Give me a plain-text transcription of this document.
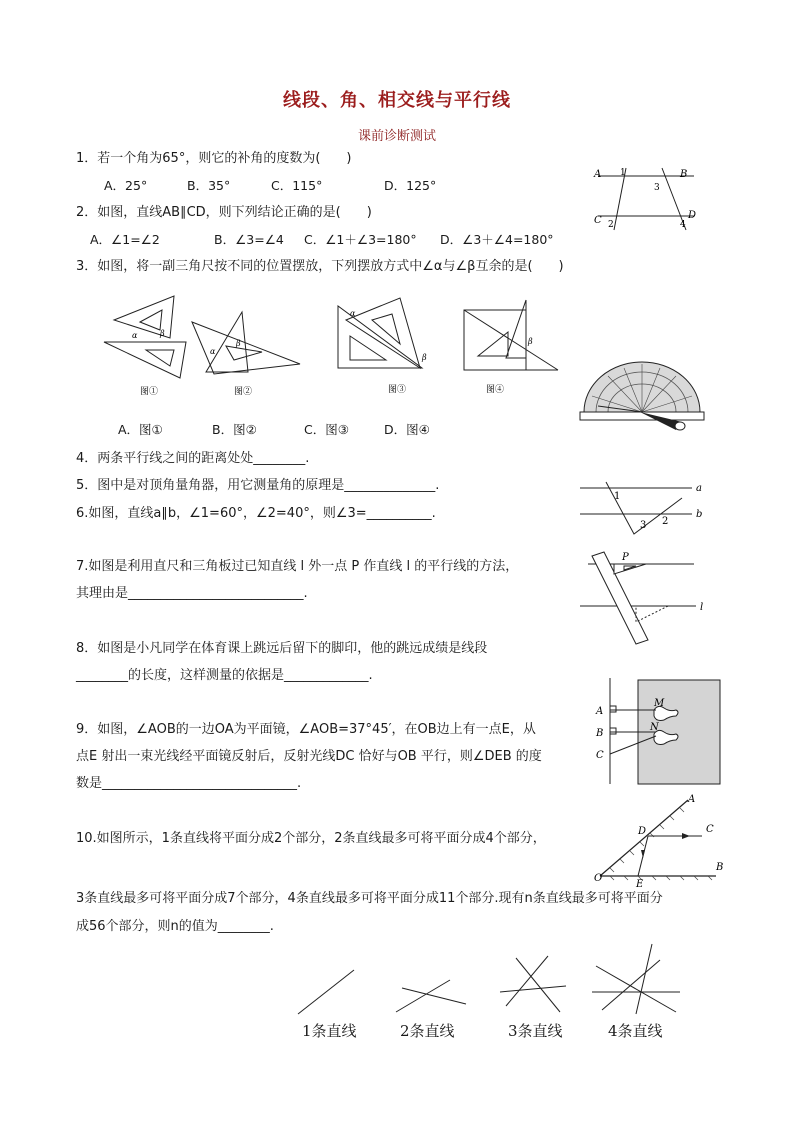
线段、角、相交线与平行线
课前诊断测试
1．若一个角为65°，则它的补角的度数为(　　)
A．25°	B．35°	C．115°	D．125°
2．如图，直线AB∥CD，则下列结论正确的是(　　)
A．∠1=∠2	B．∠3=∠4 C．∠1＋∠3=180° D．∠3＋∠4=180°
A	B
C	D
1
2
3
4
3．如图，将一副三角尺按不同的位置摆放，下列摆放方式中∠α与∠β互余的是(　　)
α	β
图①
α
β
图②
α
β
图③
β
图④
A．图①	B．图②	C．图③	D．图④
4．两条平行线之间的距离处处________.
5．图中是对顶角量角器，用它测量角的原理是______________.	a
b
1
2
3
6.如图，直线a∥b，∠1=60°，∠2=40°，则∠3=__________.
7.如图是利用直尺和三角板过已知直线 l 外一点 P 作直线 l 的平行线的方法，
其理由是___________________________.
P
l
8．如图是小凡同学在体育课上跳远后留下的脚印，他的跳远成绩是线段
________的长度，这样测量的依据是_____________.
A
B
C
M
N
9．如图，∠AOB的一边OA为平面镜，∠AOB=37°45′，在OB边上有一点E，从
点E 射出一束光线经平面镜反射后，反射光线DC 恰好与OB 平行，则∠DEB 的度
数是______________________________.
10.如图所示，1条直线将平面分成2个部分，2条直线最多可将平面分成4个部分，
3条直线最多可将平面分成7个部分，4条直线最多可将平面分成11个部分.现有n条直线最多可将平面分
成56个部分，则n的值为________.
A
B
C
D
E
O
1条直线	2条直线	3条直线	4条直线
